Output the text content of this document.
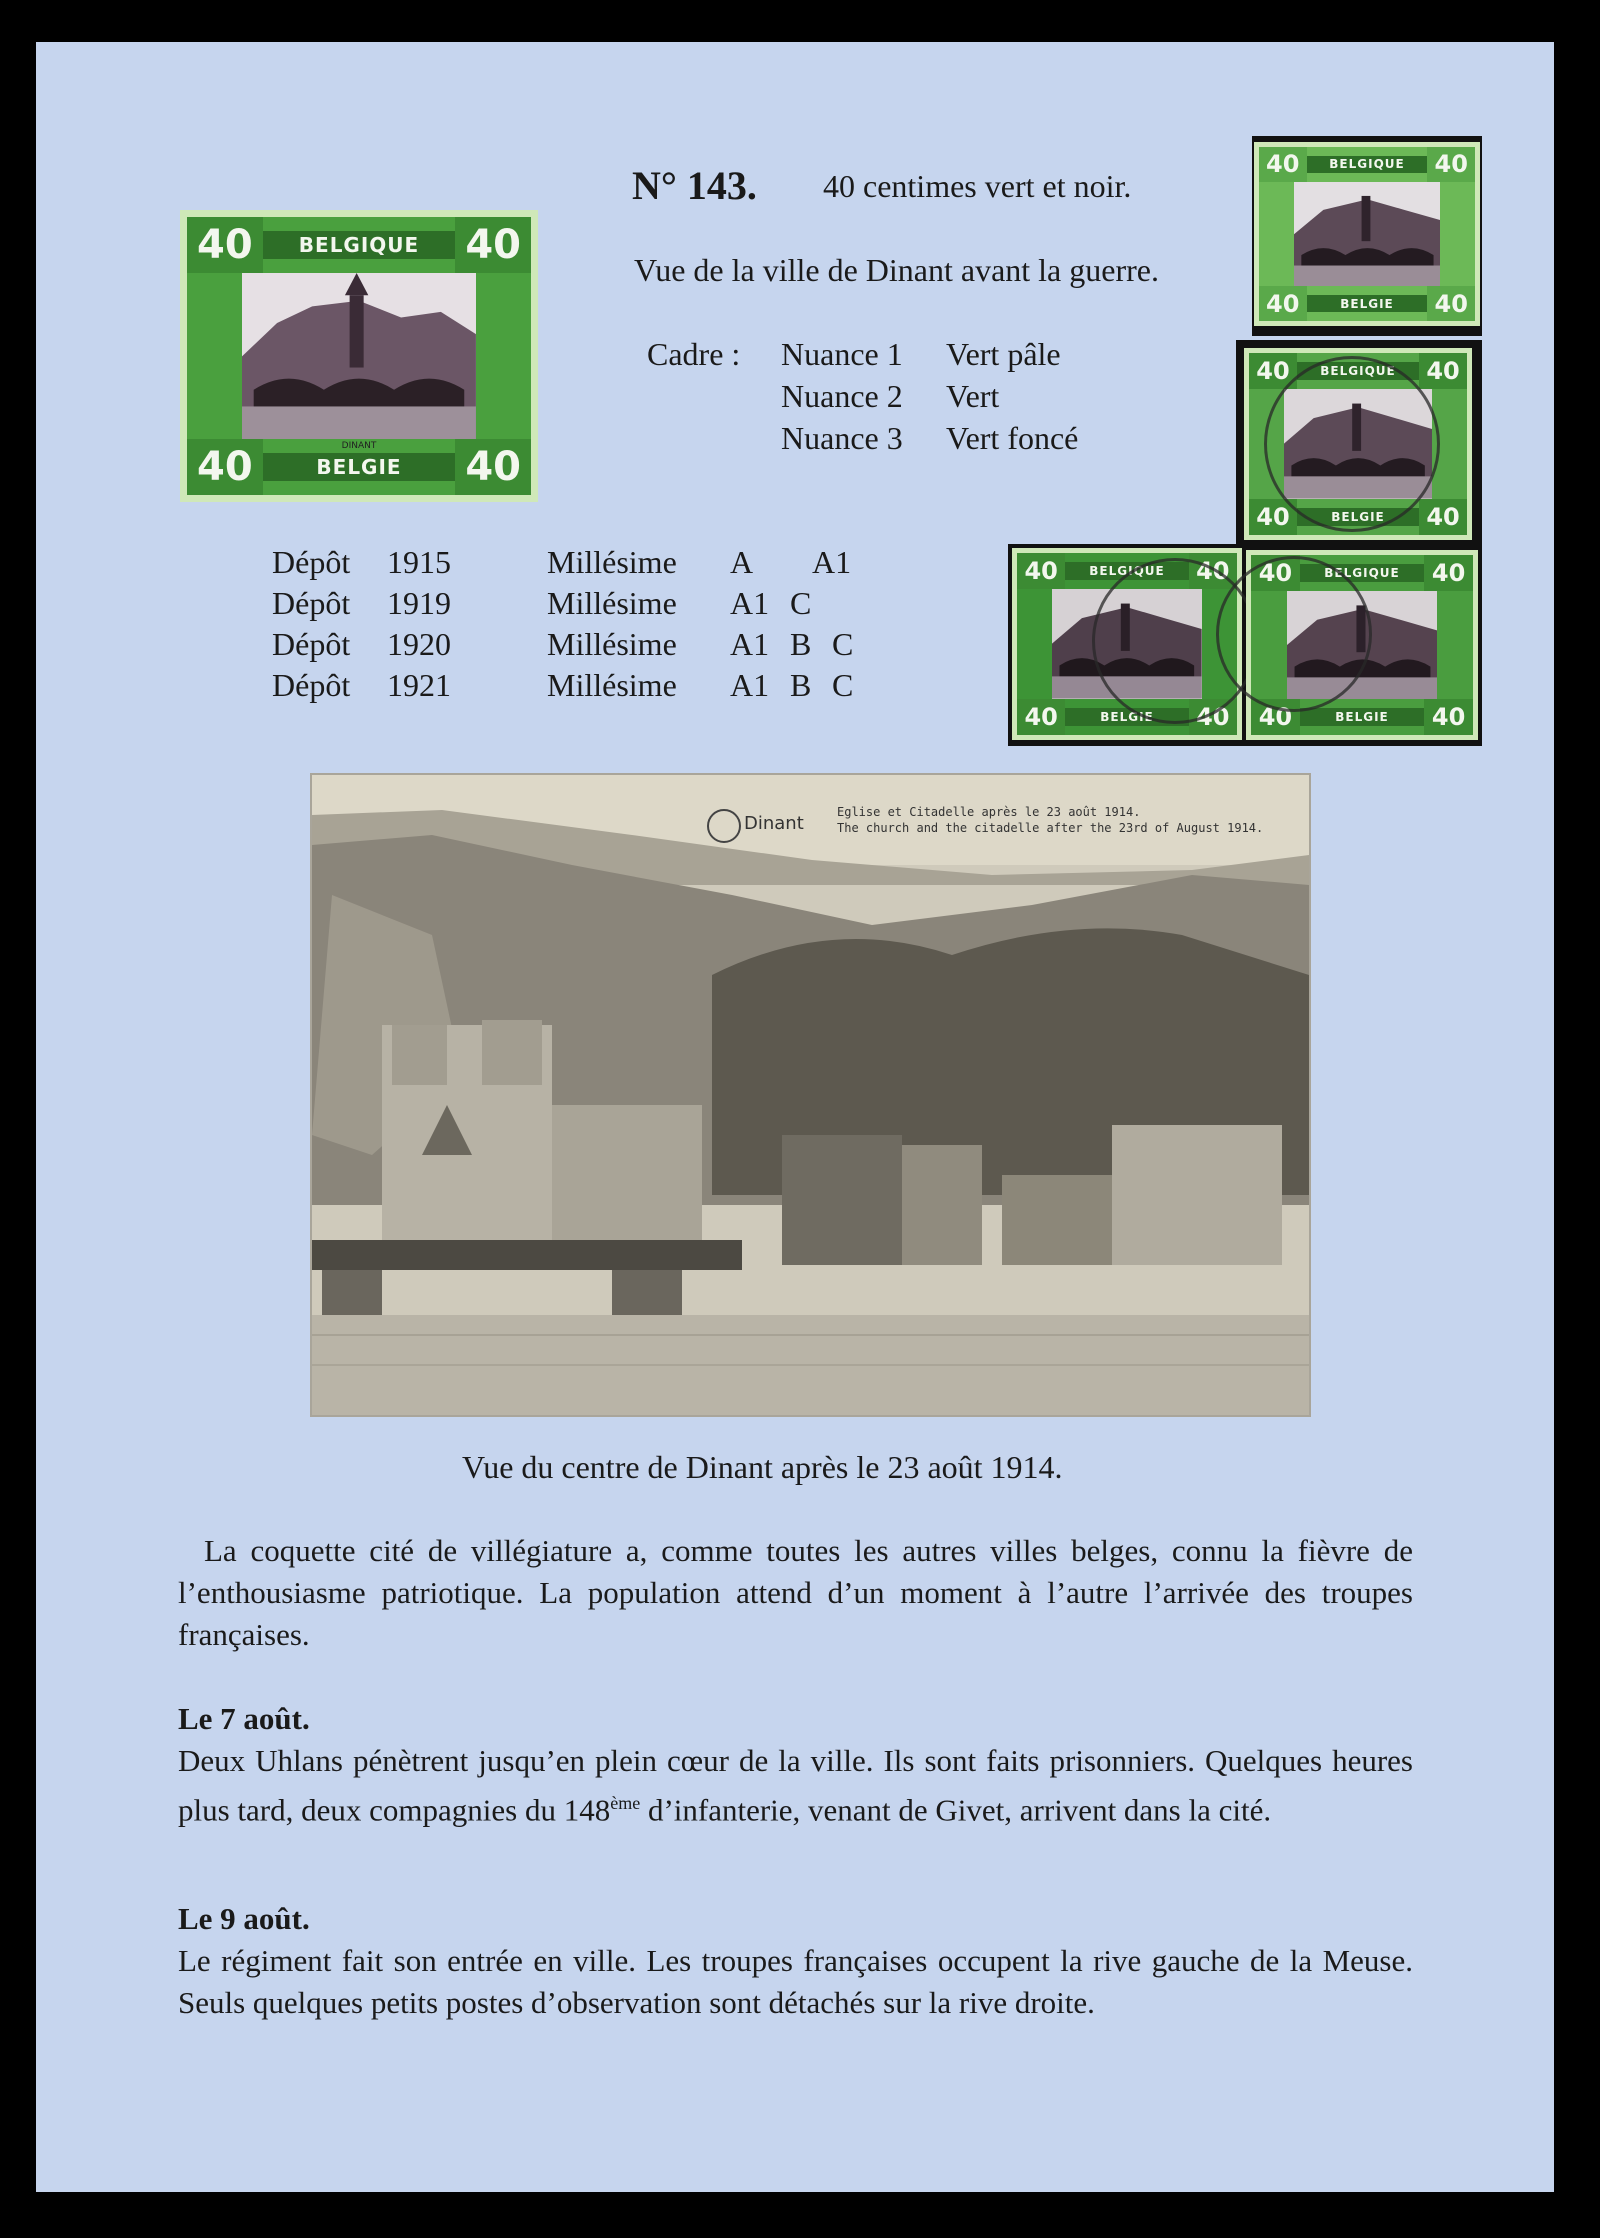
40	40
40	40
BELGIQUE
BELGIE
DINANT
N° 143. 40 centimes vert et noir.
Vue de la ville de Dinant avant la guerre.
Cadre : Nuance 1 Vert pâle
Nuance 2 Vert
Nuance 3 Vert foncé
Dépôt 1915	Millésime A A1
Dépôt 1919	Millésime A1 C
Dépôt 1920	Millésime A1 B C
Dépôt 1921	Millésime A1 B C
40	40
40	40
BELGIQUE
BELGIE
40	40
40	40
BELGIQUE
BELGIE
40	40
40	40
BELGIQUE
BELGIE
40	40
40	40
BELGIQUE
BELGIE
Dinant
Eglise et Citadelle après le 23 août 1914.
The church and the citadelle after the 23rd of August 1914.
Vue du centre de Dinant après le 23 août 1914.

La coquette cité de villégiature a, comme toutes les autres villes belges, connu la fièvre de l’enthousiasme patriotique. La population attend d’un moment à l’autre l’arrivée des troupes françaises.

Le 7 août.

Deux Uhlans pénètrent jusqu’en plein cœur de la ville. Ils sont faits prisonniers. Quelques heures plus tard, deux compagnies du 148ème d’infanterie, venant de Givet, arrivent dans la cité.

Le 9 août.

Le régiment fait son entrée en ville. Les troupes françaises occupent la rive gauche de la Meuse. Seuls quelques petits postes d’observation sont détachés sur la rive droite.
